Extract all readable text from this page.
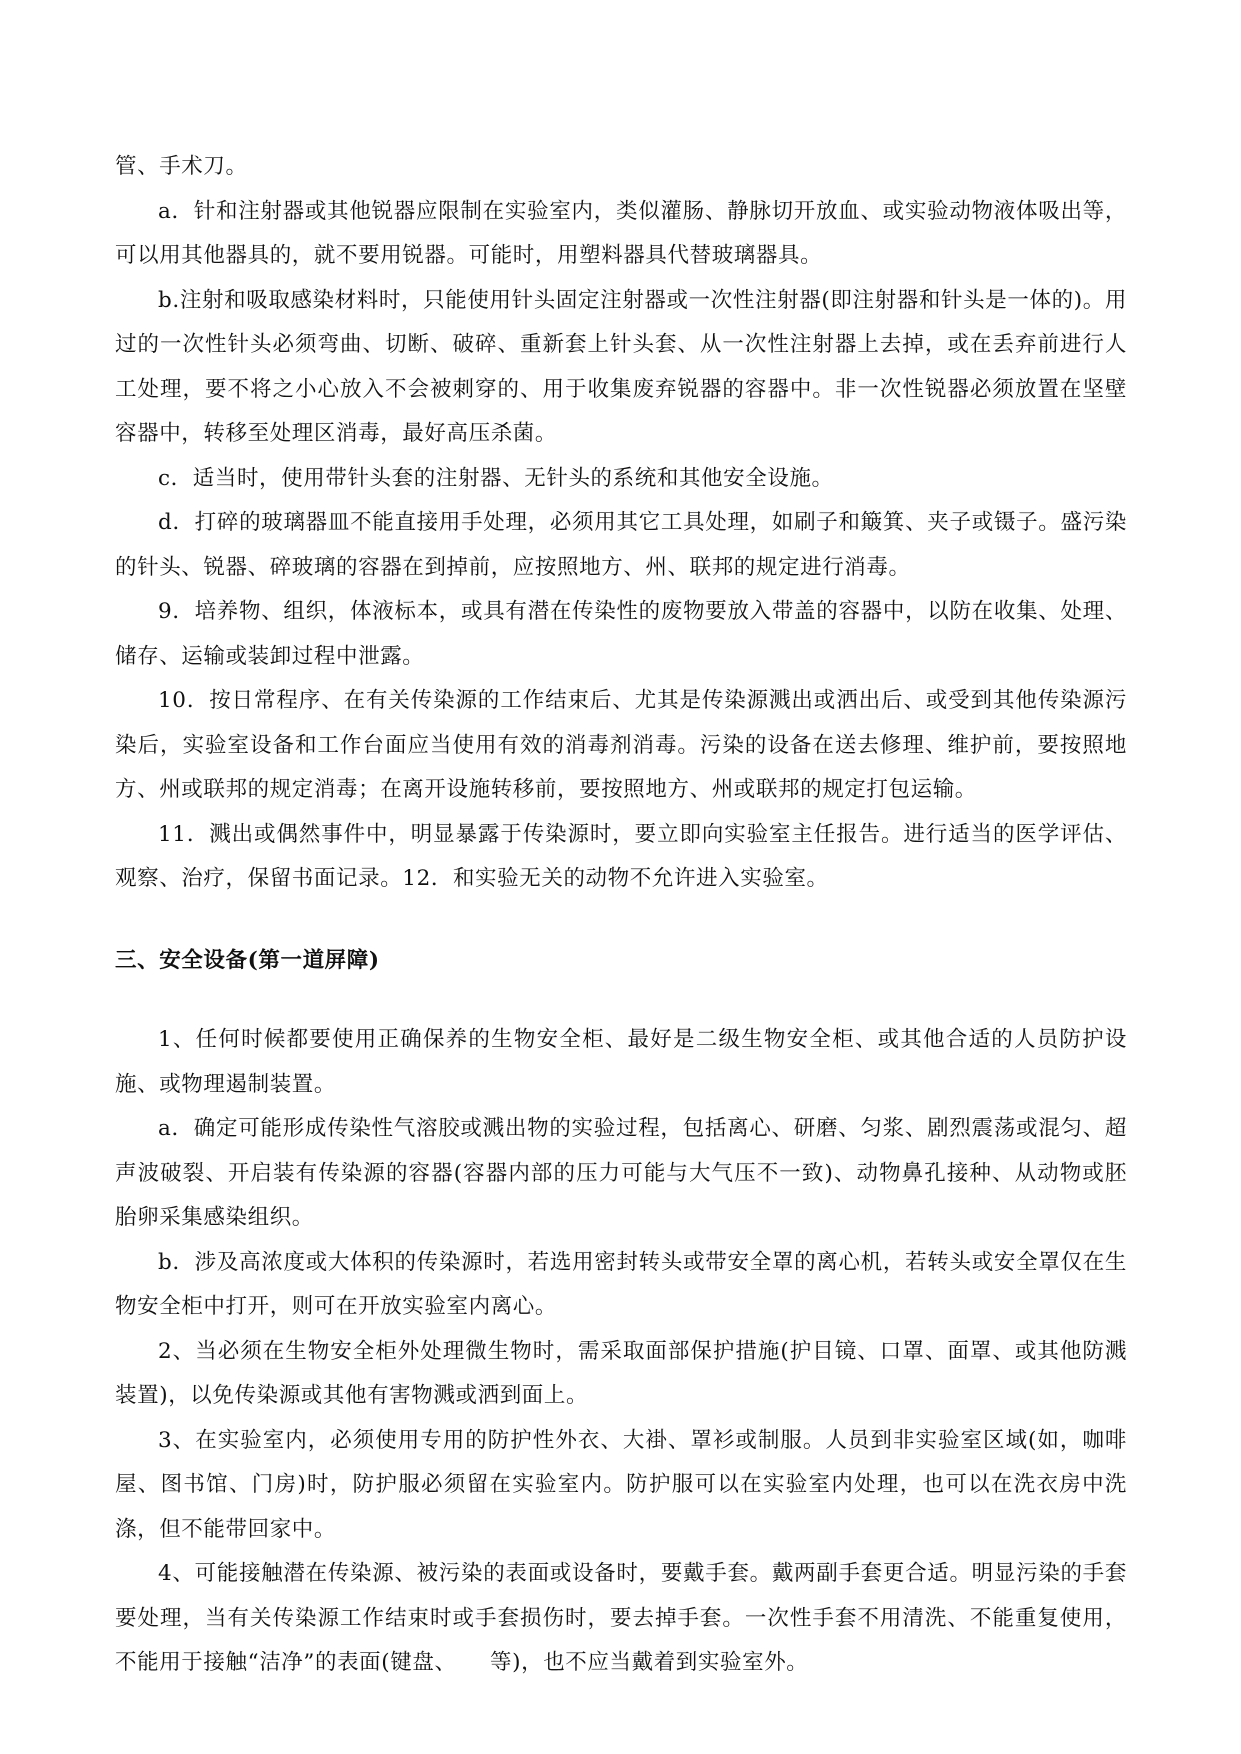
管、手术刀。

a．针和注射器或其他锐器应限制在实验室内，类似灌肠、静脉切开放血、或实验动物液体吸出等，可以用其他器具的，就不要用锐器。可能时，用塑料器具代替玻璃器具。

b.注射和吸取感染材料时，只能使用针头固定注射器或一次性注射器(即注射器和针头是一体的)。用过的一次性针头必须弯曲、切断、破碎、重新套上针头套、从一次性注射器上去掉，或在丢弃前进行人工处理，要不将之小心放入不会被刺穿的、用于收集废弃锐器的容器中。非一次性锐器必须放置在坚壁容器中，转移至处理区消毒，最好高压杀菌。

c．适当时，使用带针头套的注射器、无针头的系统和其他安全设施。

d．打碎的玻璃器皿不能直接用手处理，必须用其它工具处理，如刷子和簸箕、夹子或镊子。盛污染的针头、锐器、碎玻璃的容器在到掉前，应按照地方、州、联邦的规定进行消毒。

9．培养物、组织，体液标本，或具有潜在传染性的废物要放入带盖的容器中，以防在收集、处理、储存、运输或装卸过程中泄露。

10．按日常程序、在有关传染源的工作结束后、尤其是传染源溅出或洒出后、或受到其他传染源污染后，实验室设备和工作台面应当使用有效的消毒剂消毒。污染的设备在送去修理、维护前，要按照地方、州或联邦的规定消毒；在离开设施转移前，要按照地方、州或联邦的规定打包运输。

11．溅出或偶然事件中，明显暴露于传染源时，要立即向实验室主任报告。进行适当的医学评估、观察、治疗，保留书面记录。12．和实验无关的动物不允许进入实验室。

三、安全设备(第一道屏障)

1、任何时候都要使用正确保养的生物安全柜、最好是二级生物安全柜、或其他合适的人员防护设施、或物理遏制装置。

a．确定可能形成传染性气溶胶或溅出物的实验过程，包括离心、研磨、匀浆、剧烈震荡或混匀、超声波破裂、开启装有传染源的容器(容器内部的压力可能与大气压不一致)、动物鼻孔接种、从动物或胚胎卵采集感染组织。

b．涉及高浓度或大体积的传染源时，若选用密封转头或带安全罩的离心机，若转头或安全罩仅在生物安全柜中打开，则可在开放实验室内离心。

2、当必须在生物安全柜外处理微生物时，需采取面部保护措施(护目镜、口罩、面罩、或其他防溅装置)，以免传染源或其他有害物溅或洒到面上。

3、在实验室内，必须使用专用的防护性外衣、大褂、罩衫或制服。人员到非实验室区域(如，咖啡屋、图书馆、门房)时，防护服必须留在实验室内。防护服可以在实验室内处理，也可以在洗衣房中洗涤，但不能带回家中。

4、可能接触潜在传染源、被污染的表面或设备时，要戴手套。戴两副手套更合适。明显污染的手套要处理，当有关传染源工作结束时或手套损伤时，要去掉手套。一次性手套不用清洗、不能重复使用，不能用于接触“洁净”的表面(键盘、　　等)，也不应当戴着到实验室外。
